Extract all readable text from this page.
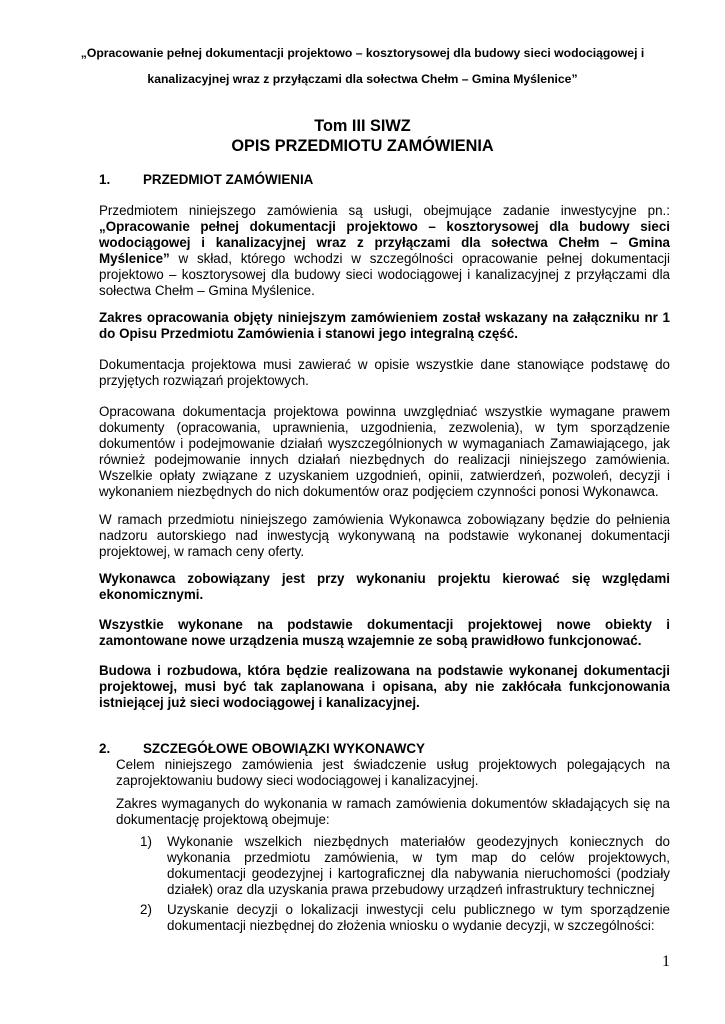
„Opracowanie pełnej dokumentacji projektowo – kosztorysowej dla budowy sieci wodociągowej i
kanalizacyjnej wraz z przyłączami dla sołectwa Chełm – Gmina Myślenice”
Tom III SIWZ
OPIS PRZEDMIOTU ZAMÓWIENIA
1. PRZEDMIOT ZAMÓWIENIA

Przedmiotem niniejszego zamówienia są usługi, obejmujące zadanie inwestycyjne pn.: „Opracowanie pełnej dokumentacji projektowo – kosztorysowej dla budowy sieci wodociągowej i kanalizacyjnej wraz z przyłączami dla sołectwa Chełm – Gmina Myślenice” w skład, którego wchodzi w szczególności opracowanie pełnej dokumentacji projektowo – kosztorysowej dla budowy sieci wodociągowej i kanalizacyjnej z przyłączami dla sołectwa Chełm – Gmina Myślenice.

Zakres opracowania objęty niniejszym zamówieniem został wskazany na załączniku nr 1 do Opisu Przedmiotu Zamówienia i stanowi jego integralną część.

Dokumentacja projektowa musi zawierać w opisie wszystkie dane stanowiące podstawę do przyjętych rozwiązań projektowych.

Opracowana dokumentacja projektowa powinna uwzględniać wszystkie wymagane prawem dokumenty (opracowania, uprawnienia, uzgodnienia, zezwolenia), w tym sporządzenie dokumentów i podejmowanie działań wyszczególnionych w wymaganiach Zamawiającego, jak również podejmowanie innych działań niezbędnych do realizacji niniejszego zamówienia. Wszelkie opłaty związane z uzyskaniem uzgodnień, opinii, zatwierdzeń, pozwoleń, decyzji i wykonaniem niezbędnych do nich dokumentów oraz podjęciem czynności ponosi Wykonawca.

W ramach przedmiotu niniejszego zamówienia Wykonawca zobowiązany będzie do pełnienia nadzoru autorskiego nad inwestycją wykonywaną na podstawie wykonanej dokumentacji projektowej, w ramach ceny oferty.

Wykonawca zobowiązany jest przy wykonaniu projektu kierować się względami ekonomicznymi.

Wszystkie wykonane na podstawie dokumentacji projektowej nowe obiekty i zamontowane nowe urządzenia muszą wzajemnie ze sobą prawidłowo funkcjonować.

Budowa i rozbudowa, która będzie realizowana na podstawie wykonanej dokumentacji projektowej, musi być tak zaplanowana i opisana, aby nie zakłócała funkcjonowania istniejącej już sieci wodociągowej i kanalizacyjnej.

2. SZCZEGÓŁOWE OBOWIĄZKI WYKONAWCY

Celem niniejszego zamówienia jest świadczenie usług projektowych polegających na zaprojektowaniu budowy sieci wodociągowej i kanalizacyjnej.

Zakres wymaganych do wykonania w ramach zamówienia dokumentów składających się na dokumentację projektową obejmuje:

1) Wykonanie wszelkich niezbędnych materiałów geodezyjnych koniecznych do wykonania przedmiotu zamówienia, w tym map do celów projektowych, dokumentacji geodezyjnej i kartograficznej dla nabywania nieruchomości (podziały działek) oraz dla uzyskania prawa przebudowy urządzeń infrastruktury technicznej

2) Uzyskanie decyzji o lokalizacji inwestycji celu publicznego w tym sporządzenie dokumentacji niezbędnej do złożenia wniosku o wydanie decyzji, w szczególności:

1
